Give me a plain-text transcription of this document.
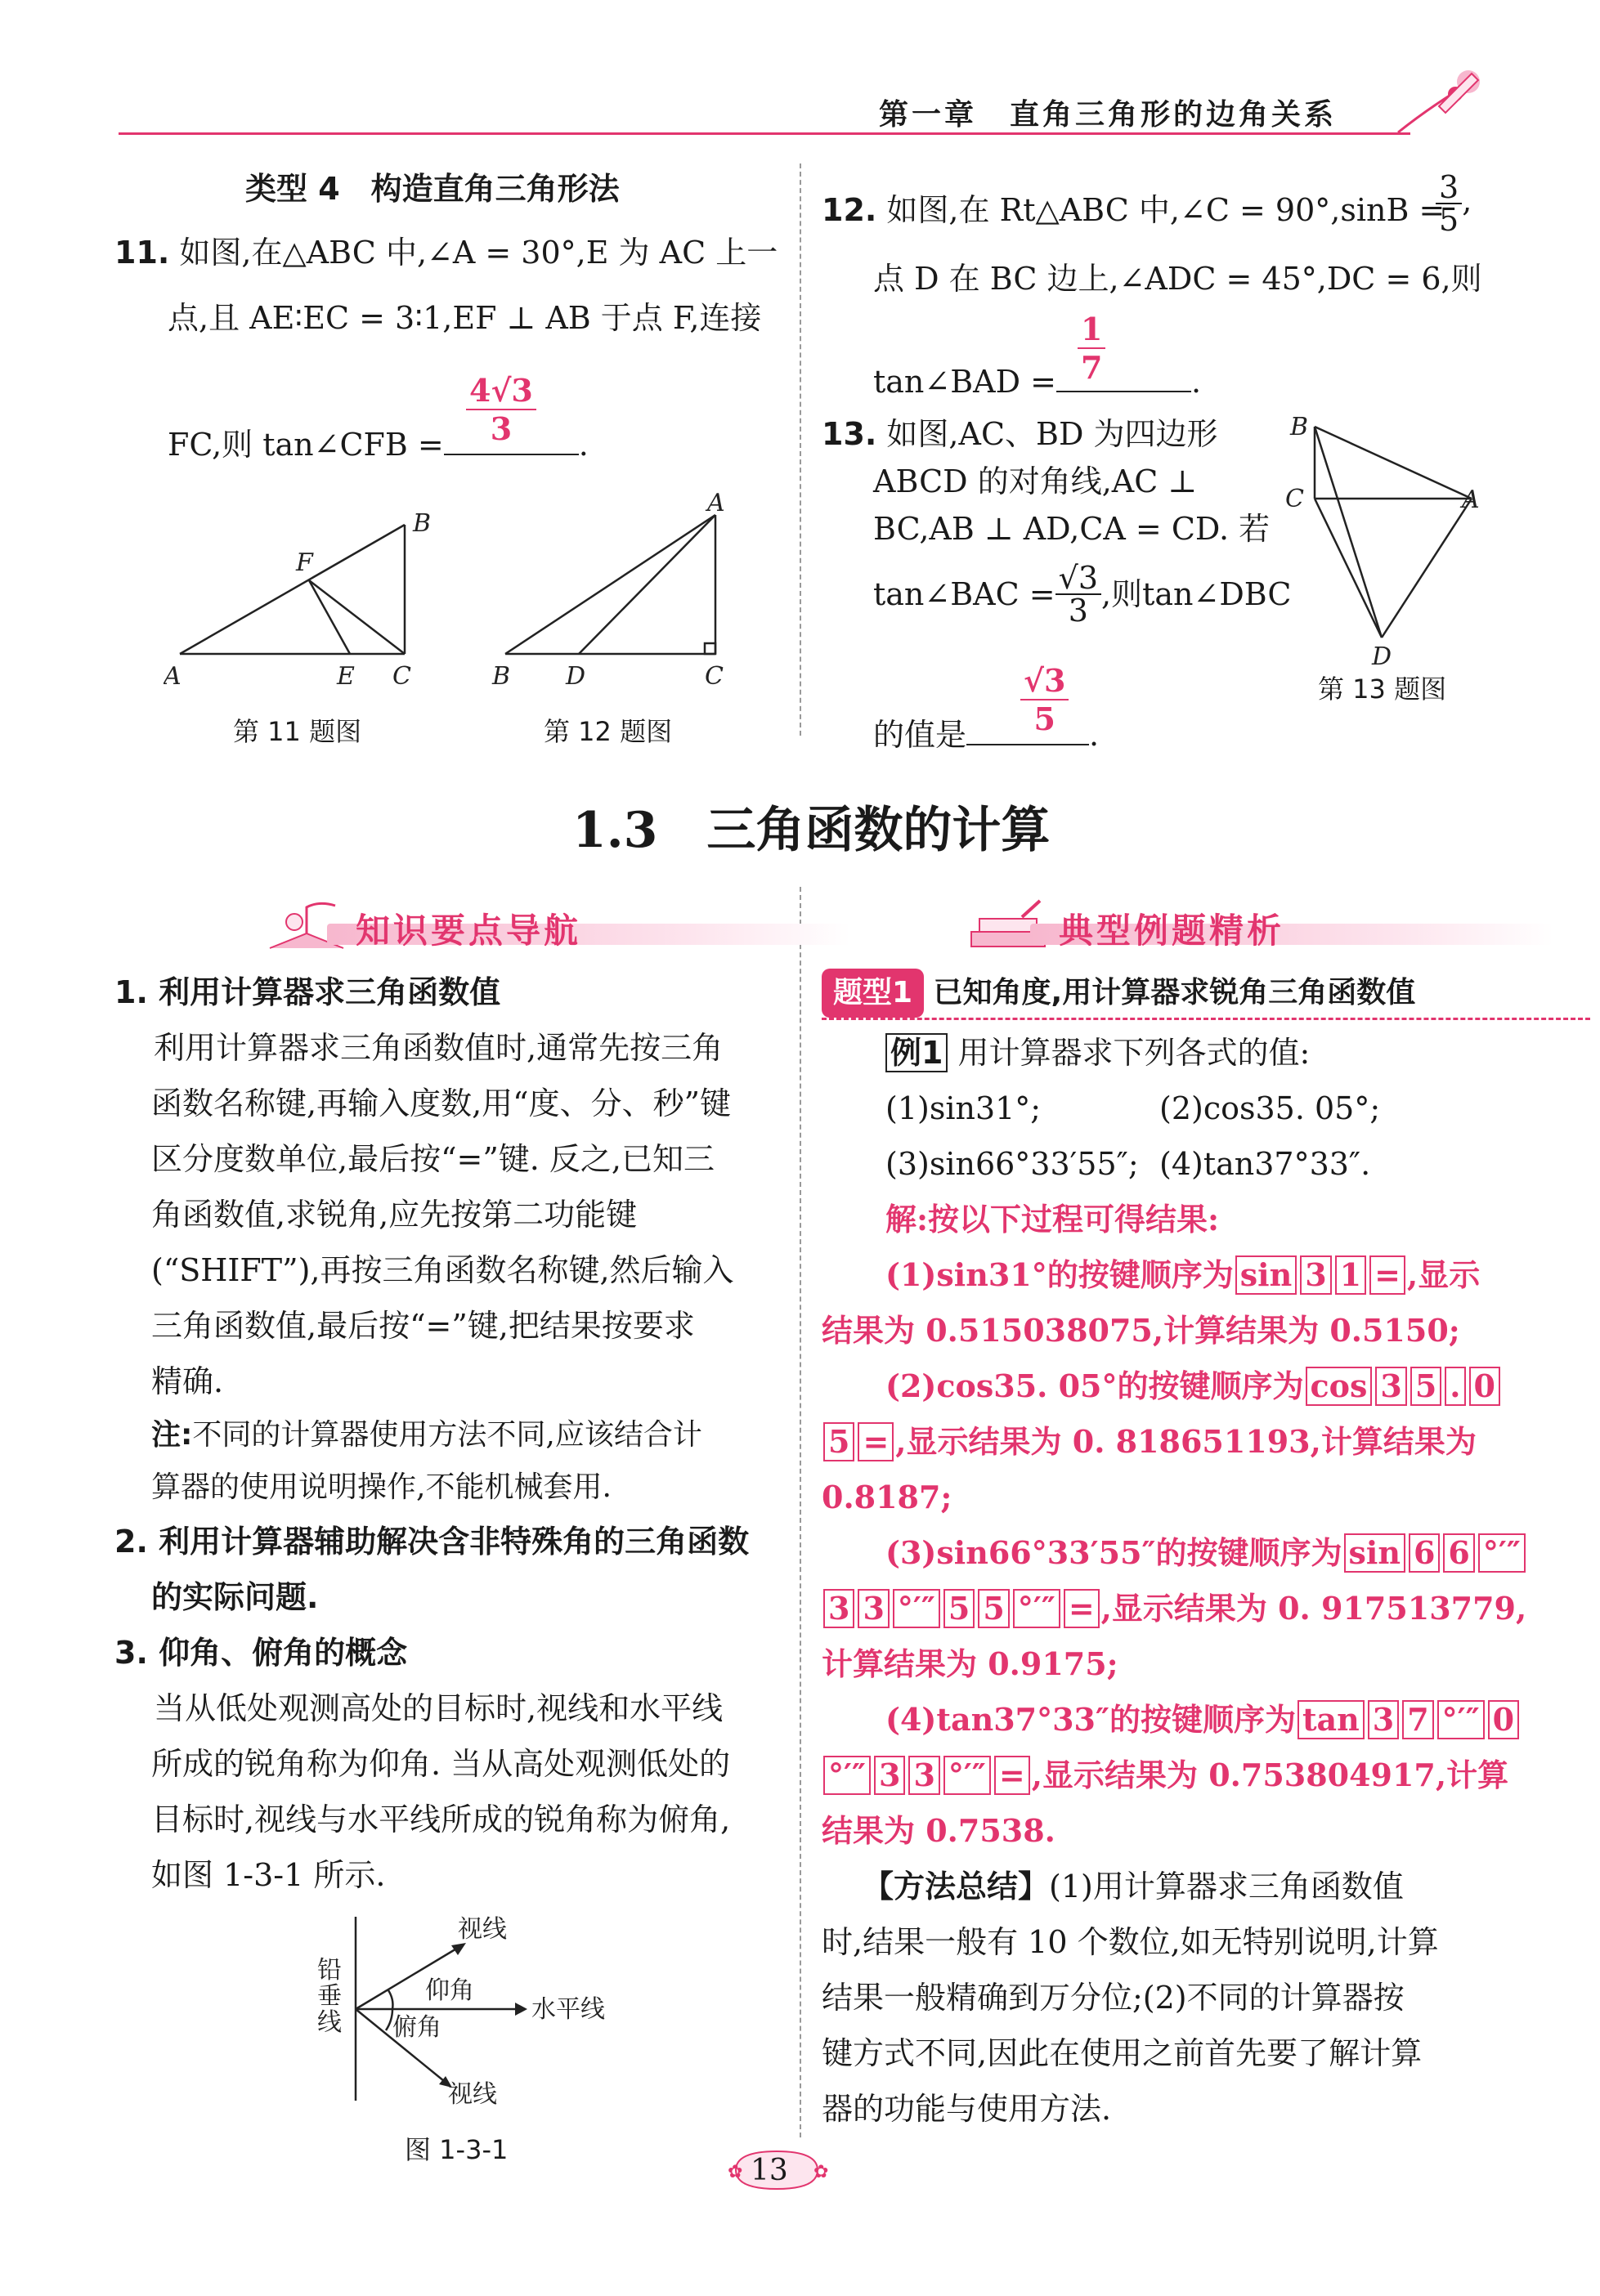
第一章　直角三角形的边角关系
类型 4　构造直角三角形法
11. 如图,在△ABC 中,∠A = 30°,E 为 AC 上一
点,且 AE∶EC = 3∶1,EF ⊥ AB 于点 F,连接
$\frac{4√3}{3}$
FC,则 tan∠CFB =	.
A
B
C
E
F
第 11 题图
A
B	C
D
第 12 题图
12. 如图,在 Rt△ABC 中,∠C = 90°,sinB =
$\frac{3}{5}$ ,
点 D 在 BC 边上,∠ADC = 45°,DC = 6,则
$\frac{1}{7}$
tan∠BAD =	.
13. 如图,AC、BD 为四边形
ABCD 的对角线,AC ⊥
BC,AB ⊥ AD,CA = CD. 若
tan∠BAC = $\frac{√3}{3}$ ,则tan∠DBC
$\frac{√3}{5}$
的值是	.
B
C	A
D
第 13 题图
1.3　三角函数的计算
知识要点导航	典型例题精析
1. 利用计算器求三角函数值
利用计算器求三角函数值时,通常先按三角
函数名称键,再输入度数,用“度、分、秒”键
区分度数单位,最后按“=”键. 反之,已知三
角函数值,求锐角,应先按第二功能键
(“SHIFT”),再按三角函数名称键,然后输入
三角函数值,最后按“=”键,把结果按要求
精确.
注:不同的计算器使用方法不同,应该结合计
算器的使用说明操作,不能机械套用.
2. 利用计算器辅助解决含非特殊角的三角函数
的实际问题.
3. 仰角、俯角的概念
当从低处观测高处的目标时,视线和水平线
所成的锐角称为仰角. 当从高处观测低处的
目标时,视线与水平线所成的锐角称为俯角,
如图 1-3-1 所示.
铅
垂
线
视线
仰角
水平线
俯角
视线
图 1-3-1
题型1 已知角度,用计算器求锐角三角函数值
例1 用计算器求下列各式的值:
(1)sin31°;	(2)cos35. 05°;
(3)sin66°33′55″; (4)tan37°33″.
解:按以下过程可得结果:
(1)sin31°的按键顺序为 sin 3 1 = ,显示
结果为 0.515038075,计算结果为 0.5150;
(2)cos35. 05°的按键顺序为 cos 3 5 . 0
5 = ,显示结果为 0. 818651193,计算结果为
0.8187;
(3)sin66°33′55″的按键顺序为 sin 6 6 °′″
3 3 °′″ 5 5 °′″ = ,显示结果为 0. 917513779,
计算结果为 0.9175;
(4)tan37°33″的按键顺序为 tan 3 7 °′″ 0
°′″ 3 3 °′″ = ,显示结果为 0.753804917,计算
结果为 0.7538.
【方法总结】(1)用计算器求三角函数值
时,结果一般有 10 个数位,如无特别说明,计算
结果一般精确到万分位;(2)不同的计算器按
键方式不同,因此在使用之前首先要了解计算
器的功能与使用方法.
✿	✿
13
